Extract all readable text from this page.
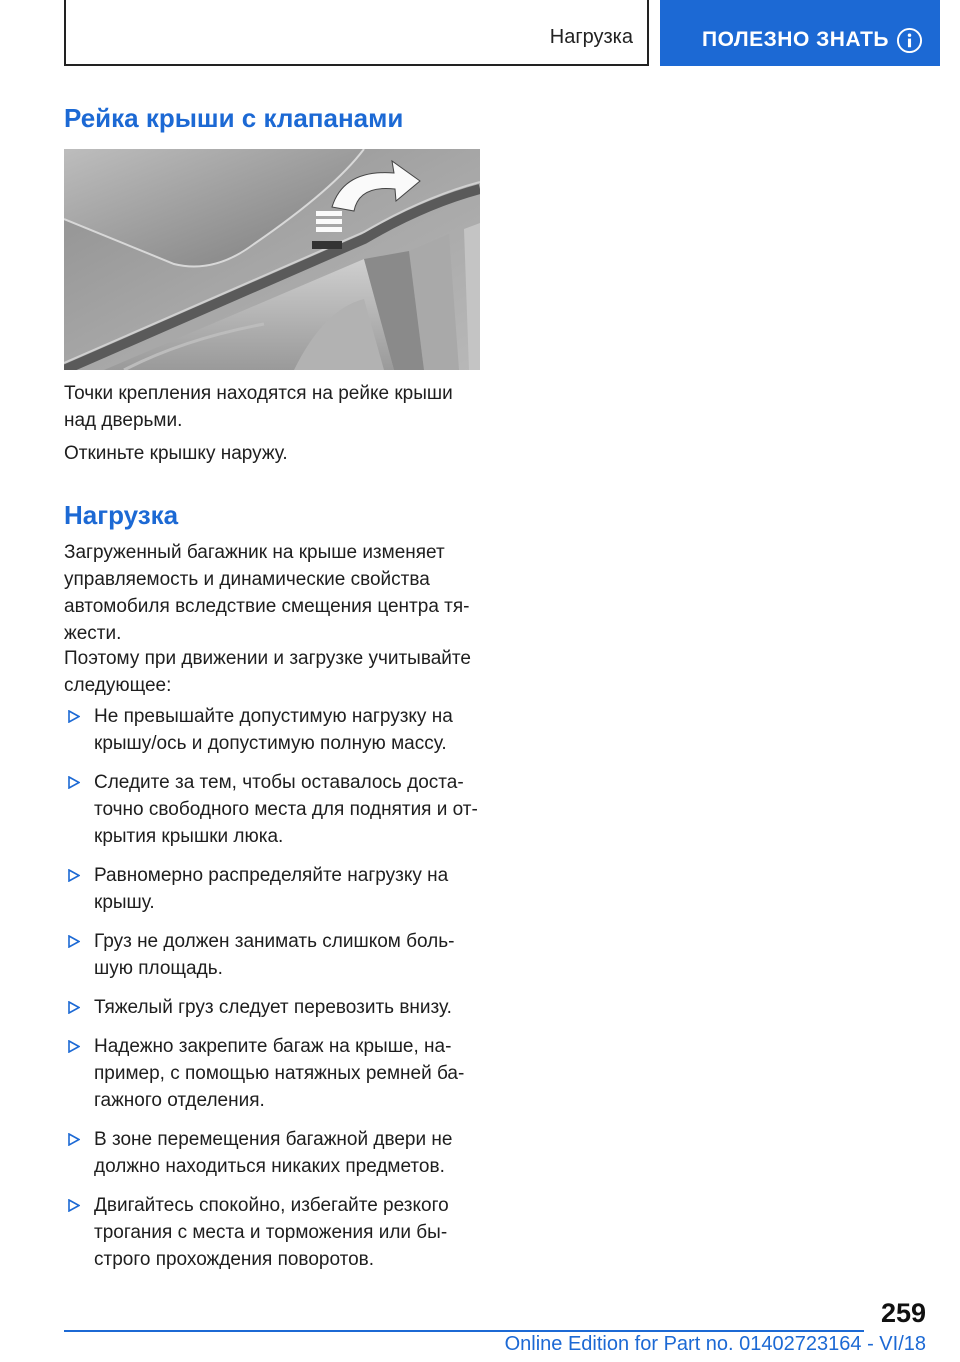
Нагрузка	ПОЛЕЗНО ЗНАТЬ
Рейка крыши с клапанами

Точки крепления находятся на рейке крыши над дверьми.

Откиньте крышку наружу.

Нагрузка

Загруженный багажник на крыше изменяет управляемость и динамические свойства автомобиля вследствие смещения центра тя-жести.

Поэтому при движении и загрузке учитывайте следующее:

Не превышайте допустимую нагрузку на крышу/ось и допустимую полную массу.
Следите за тем, чтобы оставалось доста-точно свободного места для поднятия и от-крытия крышки люка.
Равномерно распределяйте нагрузку на крышу.
Груз не должен занимать слишком боль-шую площадь.
Тяжелый груз следует перевозить внизу.
Надежно закрепите багаж на крыше, на-пример, с помощью натяжных ремней ба-гажного отделения.
В зоне перемещения багажной двери не должно находиться никаких предметов.
Двигайтесь спокойно, избегайте резкого трогания с места и торможения или бы-строго прохождения поворотов.
259
Online Edition for Part no. 01402723164 - VI/18
